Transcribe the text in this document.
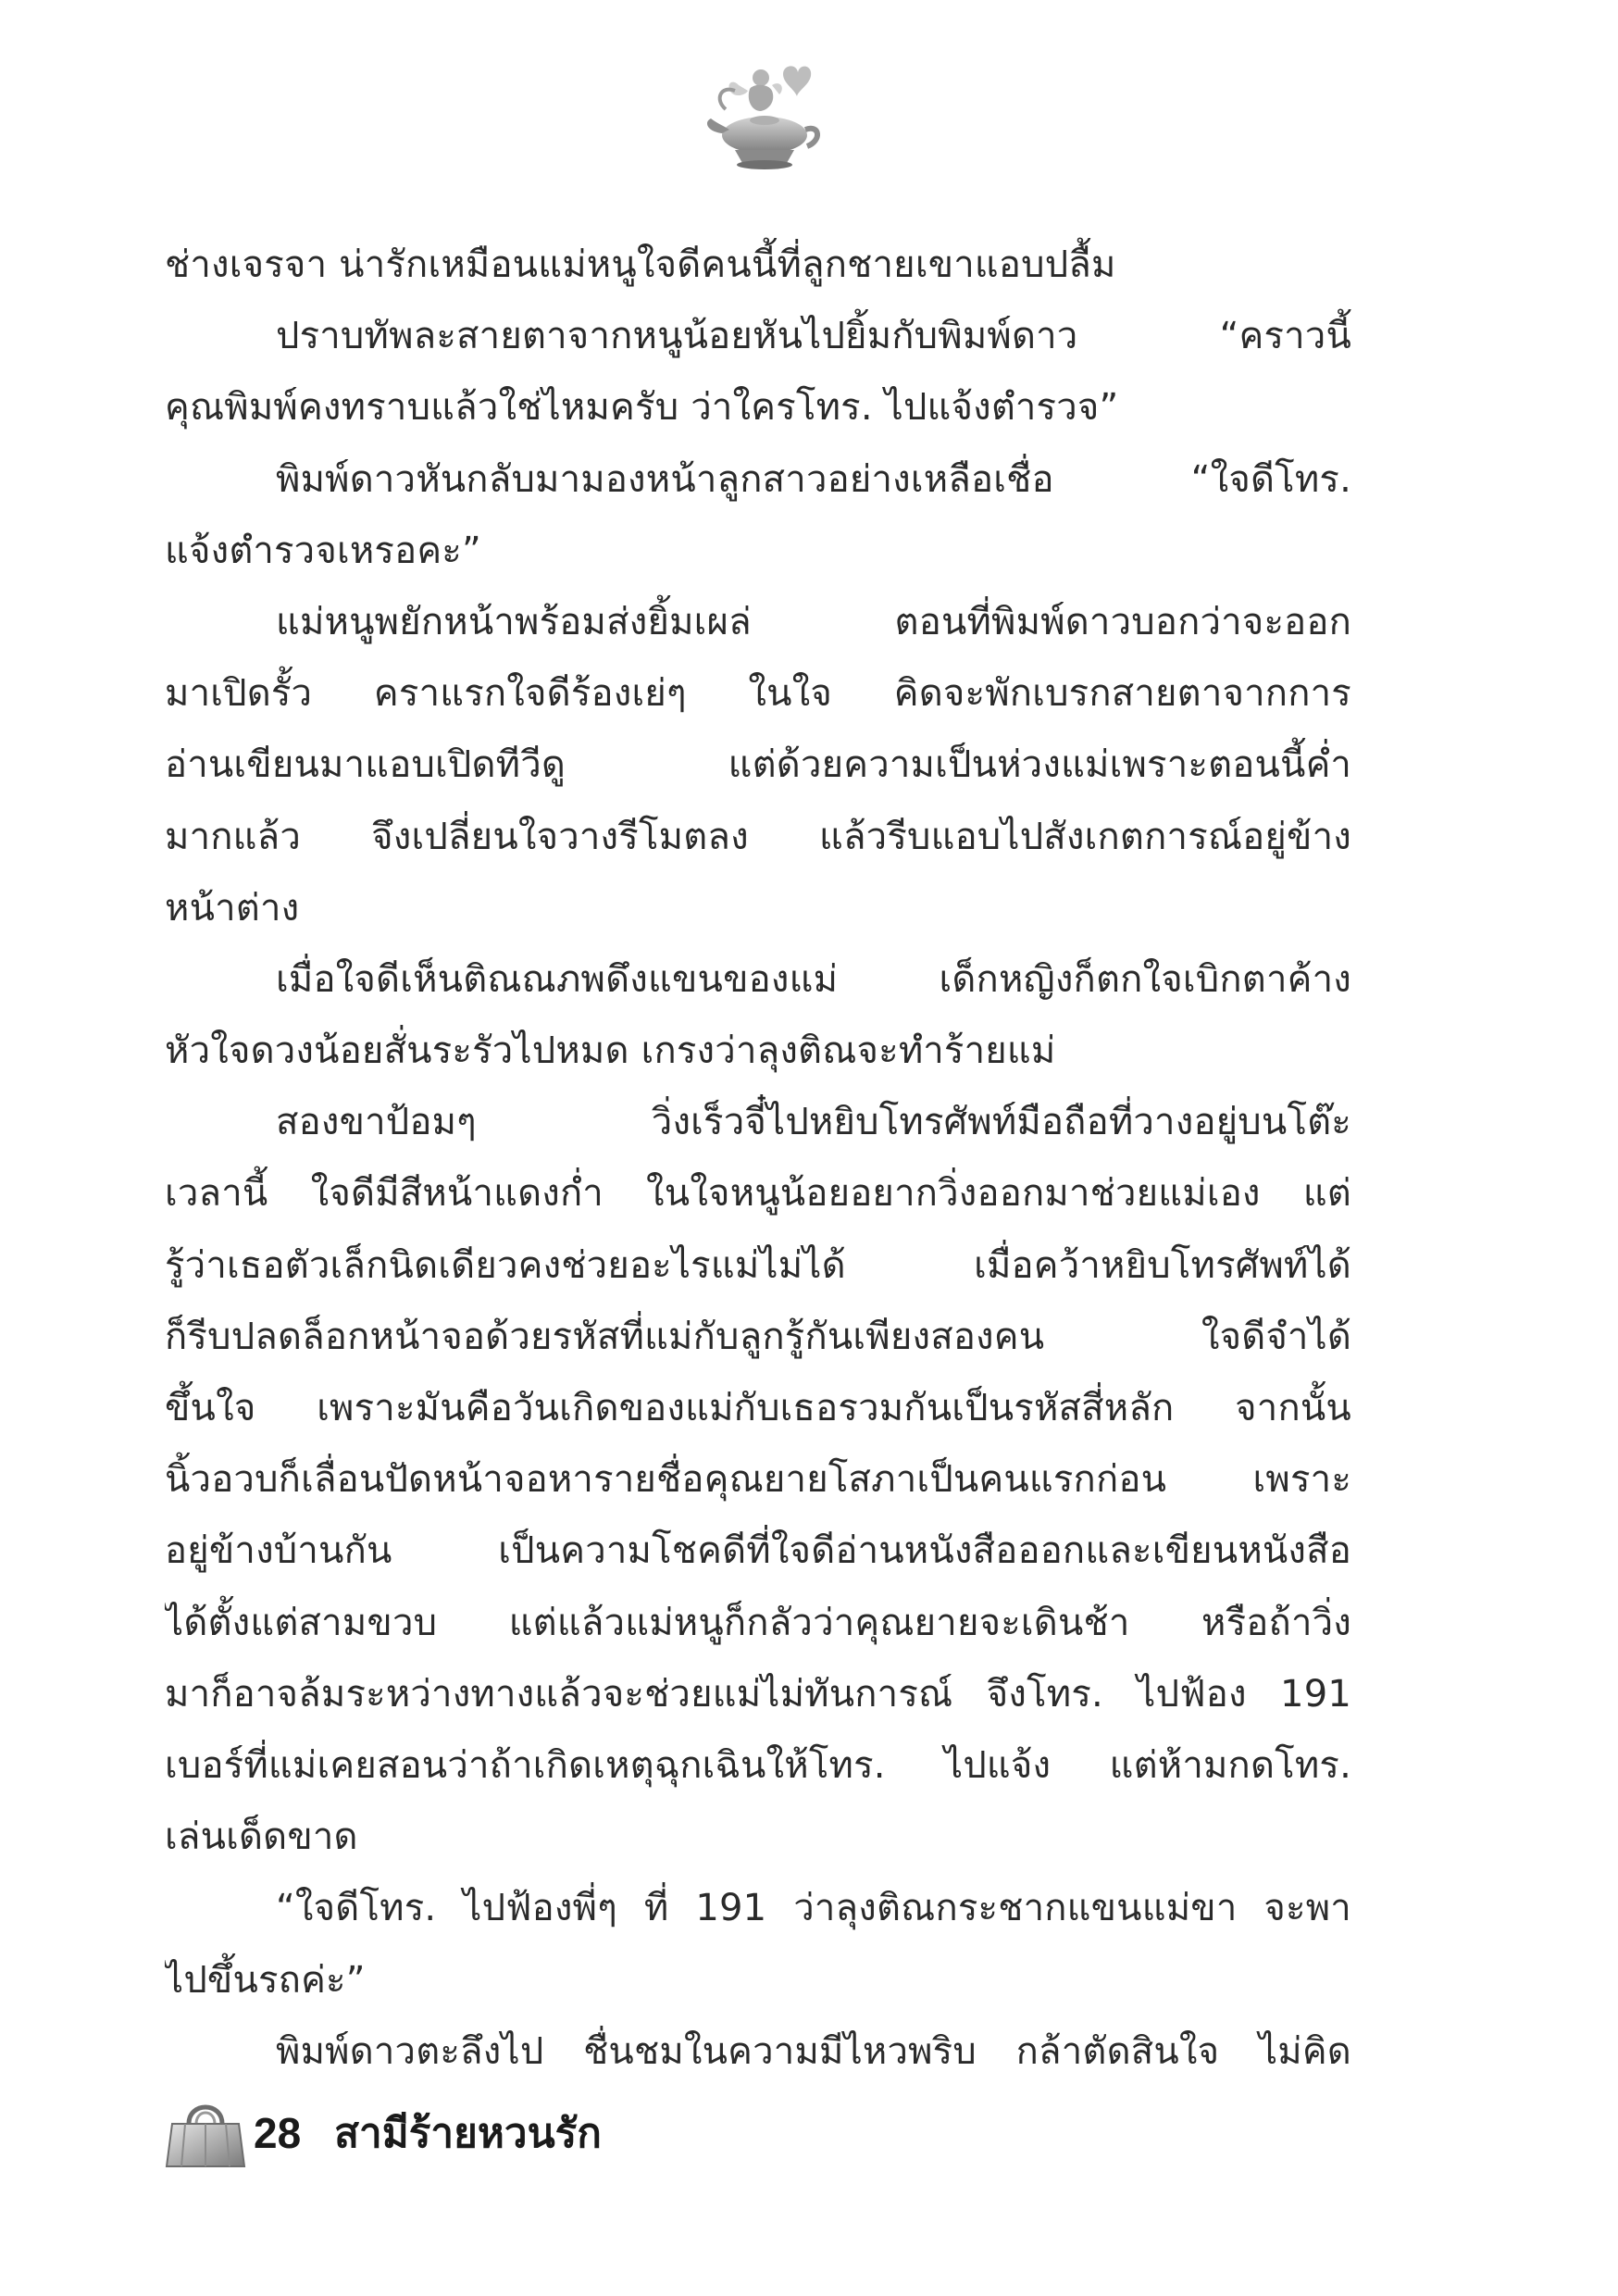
ช่างเจรจา น่ารักเหมือนแม่หนูใจดีคนนี้ที่ลูกชายเขาแอบปลื้ม
ปราบทัพละสายตาจากหนูน้อยหันไปยิ้มกับพิมพ์ดาว	“คราวนี้
คุณพิมพ์คงทราบแล้วใช่ไหมครับ ว่าใครโทร. ไปแจ้งตำรวจ”
พิมพ์ดาวหันกลับมามองหน้าลูกสาวอย่างเหลือเชื่อ	“ใจดีโทร.
แจ้งตำรวจเหรอคะ”
แม่หนูพยักหน้าพร้อมส่งยิ้มเผล่	ตอนที่พิมพ์ดาวบอกว่าจะออก
มาเปิดรั้ว คราแรกใจดีร้องเย่ๆ ในใจ คิดจะพักเบรกสายตาจากการ
อ่านเขียนมาแอบเปิดทีวีดู	แต่ด้วยความเป็นห่วงแม่เพราะตอนนี้ค่ำ
มากแล้ว จึงเปลี่ยนใจวางรีโมตลง แล้วรีบแอบไปสังเกตการณ์อยู่ข้าง
หน้าต่าง
เมื่อใจดีเห็นติณณภพดึงแขนของแม่	เด็กหญิงก็ตกใจเบิกตาค้าง
หัวใจดวงน้อยสั่นระรัวไปหมด เกรงว่าลุงติณจะทำร้ายแม่
สองขาป้อมๆ	วิ่งเร็วจี๋ไปหยิบโทรศัพท์มือถือที่วางอยู่บนโต๊ะ
เวลานี้ ใจดีมีสีหน้าแดงก่ำ ในใจหนูน้อยอยากวิ่งออกมาช่วยแม่เอง แต่
รู้ว่าเธอตัวเล็กนิดเดียวคงช่วยอะไรแม่ไม่ได้	เมื่อคว้าหยิบโทรศัพท์ได้
ก็รีบปลดล็อกหน้าจอด้วยรหัสที่แม่กับลูกรู้กันเพียงสองคน	ใจดีจำได้
ขึ้นใจ เพราะมันคือวันเกิดของแม่กับเธอรวมกันเป็นรหัสสี่หลัก จากนั้น
นิ้วอวบก็เลื่อนปัดหน้าจอหารายชื่อคุณยายโสภาเป็นคนแรกก่อน เพราะ
อยู่ข้างบ้านกัน	เป็นความโชคดีที่ใจดีอ่านหนังสือออกและเขียนหนังสือ
ได้ตั้งแต่สามขวบ แต่แล้วแม่หนูก็กลัวว่าคุณยายจะเดินช้า หรือถ้าวิ่ง
มาก็อาจล้มระหว่างทางแล้วจะช่วยแม่ไม่ทันการณ์ จึงโทร. ไปฟ้อง 191
เบอร์ที่แม่เคยสอนว่าถ้าเกิดเหตุฉุกเฉินให้โทร. ไปแจ้ง แต่ห้ามกดโทร.
เล่นเด็ดขาด
“ใจดีโทร. ไปฟ้องพี่ๆ ที่ 191 ว่าลุงติณกระชากแขนแม่ขา จะพา
ไปขึ้นรถค่ะ”
พิมพ์ดาวตะลึงไป ชื่นชมในความมีไหวพริบ กล้าตัดสินใจ ไม่คิด
28 สามีร้ายหวนรัก
